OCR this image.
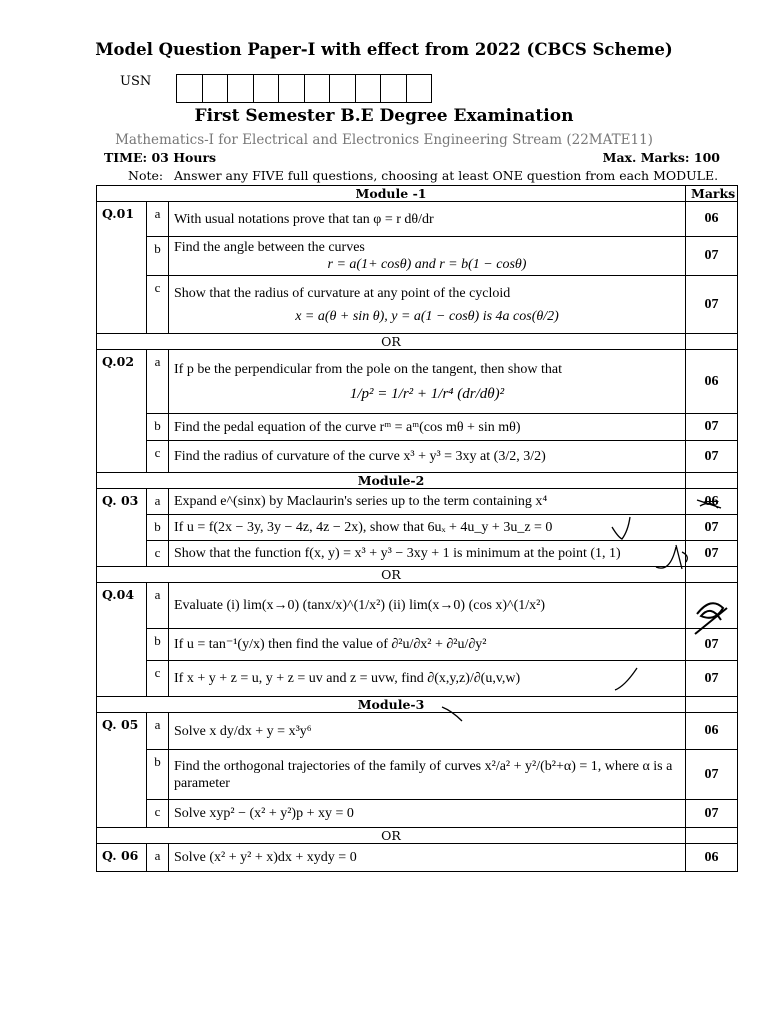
Model Question Paper-I with effect from 2022 (CBCS Scheme)
USN
First Semester B.E Degree Examination
Mathematics-I for Electrical and Electronics Engineering Stream (22MATE11)
TIME: 03 Hours	Max. Marks: 100
Note: Answer any FIVE full questions, choosing at least ONE question from each MODULE.
Module -1			Marks
Q.01	a	With usual notations prove that tan φ = r dθ/dr	06
	b	Find the angle between the curves
r = a(1+ cosθ) and r = b(1 − cosθ)	07
	c	Show that the radius of curvature at any point of the cycloid
x = a(θ + sin θ), y = a(1 − cosθ) is 4a cos(θ/2)	07
OR			
Q.02	a	If p be the perpendicular from the pole on the tangent, then show that
1/p² = 1/r² + 1/r⁴ (dr/dθ)²	06
	b	Find the pedal equation of the curve rᵐ = aᵐ(cos mθ + sin mθ)	07
	c	Find the radius of curvature of the curve x³ + y³ = 3xy at (3/2, 3/2)	07
Module-2			
Q. 03	a	Expand e^(sinx) by Maclaurin's series up to the term containing x⁴	06
	b	If u = f(2x − 3y, 3y − 4z, 4z − 2x), show that 6uₓ + 4u_y + 3u_z = 0	07
	c	Show that the function f(x, y) = x³ + y³ − 3xy + 1 is minimum at the point (1, 1)	07
OR			
Q.04	a	Evaluate (i) lim(x→0) (tanx/x)^(1/x²) (ii) lim(x→0) (cos x)^(1/x²)	
	b	If u = tan⁻¹(y/x) then find the value of ∂²u/∂x² + ∂²u/∂y²	07
	c	If x + y + z = u, y + z = uv and z = uvw, find ∂(x,y,z)/∂(u,v,w)	07
Module-3			
Q. 05	a	Solve x dy/dx + y = x³y⁶	06
	b	Find the orthogonal trajectories of the family of curves x²/a² + y²/(b²+α) = 1, where α is a parameter	07
	c	Solve xyp² − (x² + y²)p + xy = 0	07
OR			
Q. 06	a	Solve (x² + y² + x)dx + xydy = 0	06
